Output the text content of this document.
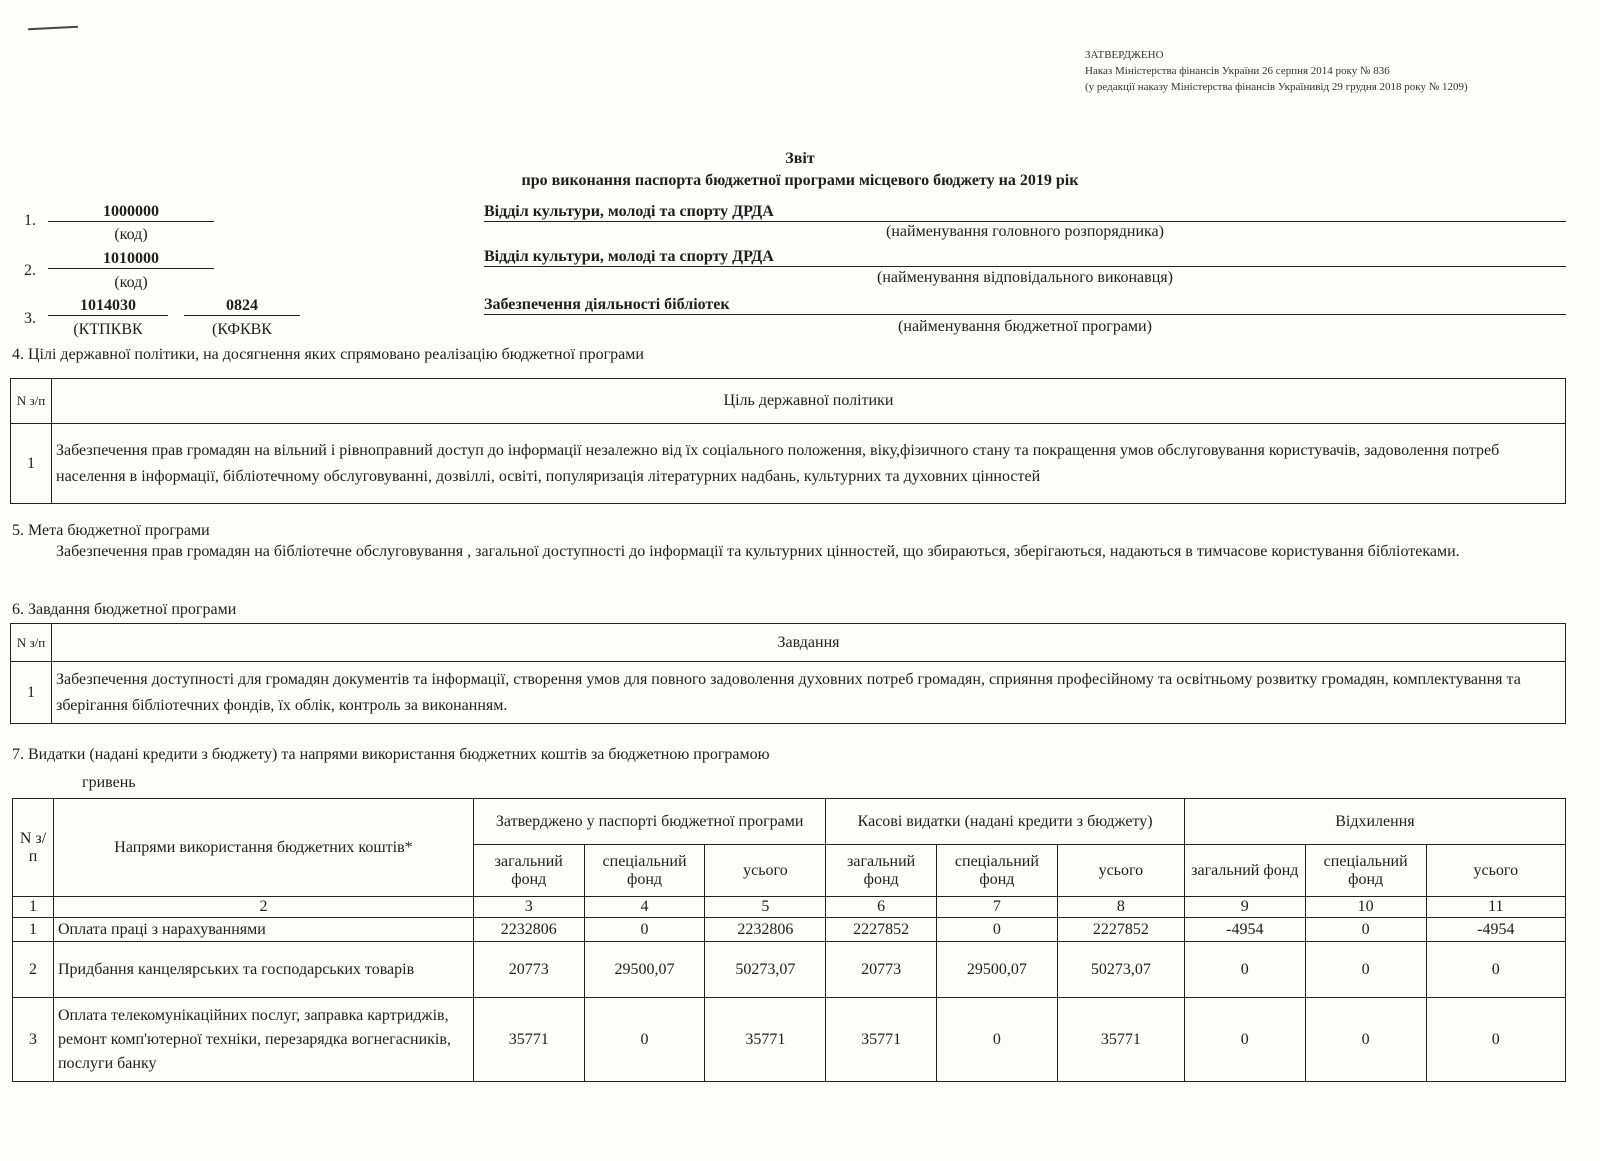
ЗАТВЕРДЖЕНО
Наказ Міністерства фінансів України 26 серпня 2014 року № 836
(у редакції наказу Міністерства фінансів Українивід 29 грудня 2018 року № 1209)
Звіт
про виконання паспорта бюджетної програми місцевого бюджету на 2019 рік
1.
1000000
(код)
Відділ культури, молоді та спорту ДРДА
(найменування головного розпорядника)
2.
1010000
(код)
Відділ культури, молоді та спорту ДРДА
(найменування відповідального виконавця)
3.
1014030	0824
(КТПКВК	(КФКВК
Забезпечення діяльності бібліотек
(найменування бюджетної програми)
4. Цілі державної політики, на досягнення яких спрямовано реалізацію бюджетної програми
N з/п	Ціль державної політики
1	Забезпечення прав громадян на вільний і рівноправний доступ до інформації незалежно від їх соціального положення, віку,фізичного стану та покращення умов обслуговування користувачів, задоволення потреб населення в інформації, бібліотечному обслуговуванні, дозвіллі, освіті, популяризація літературних надбань, культурних та духовних цінностей
5. Мета бюджетної програми
Забезпечення прав громадян на бібліотечне обслуговування , загальної доступності до інформації та культурних цінностей, що збираються, зберігаються, надаються в тимчасове користування бібліотеками.
6. Завдання бюджетної програми
N з/п	Завдання
1	Забезпечення доступності для громадян документів та інформації, створення умов для повного задоволення духовних потреб громадян, сприяння професійному та освітньому розвитку громадян, комплектування та зберігання бібліотечних фондів, їх облік, контроль за виконанням.
7. Видатки (надані кредити з бюджету) та напрями використання бюджетних коштів за бюджетною програмою
гривень
N з/п	Напрями використання бюджетних коштів*	Затверджено у паспорті бюджетної програми			Касові видатки (надані кредити з бюджету)			Відхилення		
		загальний фонд	спеціальний фонд	усього	загальний фонд	спеціальний фонд	усього	загальний фонд	спеціальний фонд	усього
1	2	3	4	5	6	7	8	9	10	11
1	Оплата праці з нарахуваннями	2232806	0	2232806	2227852	0	2227852	-4954	0	-4954
2	Придбання канцелярських та господарських товарів	20773	29500,07	50273,07	20773	29500,07	50273,07	0	0	0
3	Оплата телекомунікаційних послуг, заправка картриджів, ремонт комп'ютерної техніки, перезарядка вогнегасників, послуги банку	35771	0	35771	35771	0	35771	0	0	0
